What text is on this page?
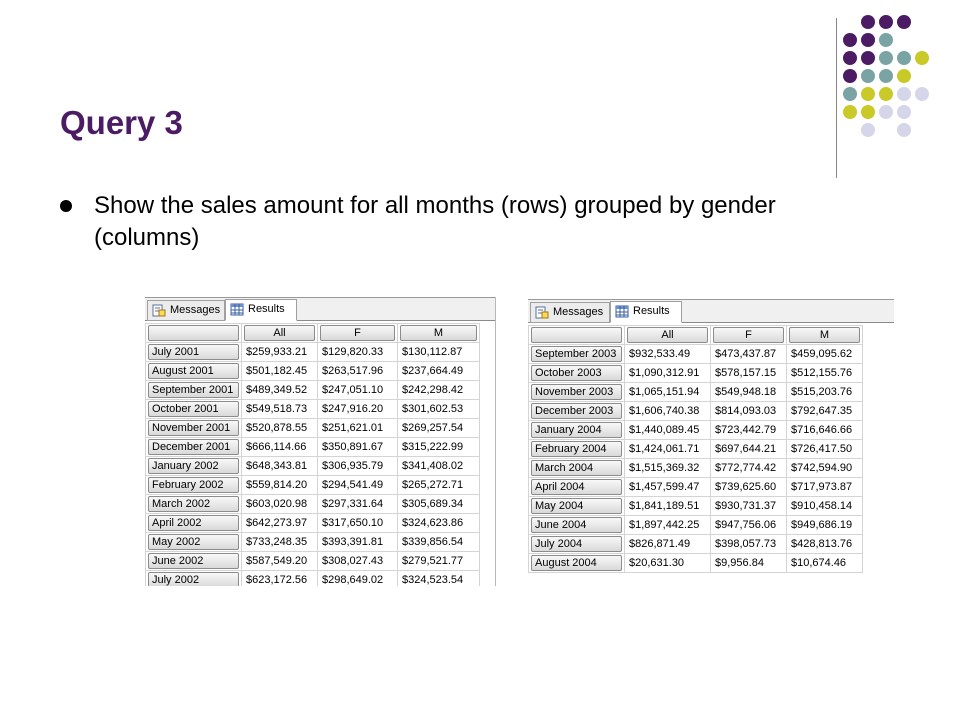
Query 3
Show the sales amount for all months (rows) grouped by gender (columns)
Messages	Results

	All	F	M

July 2001	$259,933.21	$129,820.33	$130,112.87

August 2001	$501,182.45	$263,517.96	$237,664.49

September 2001	$489,349.52	$247,051.10	$242,298.42

October 2001	$549,518.73	$247,916.20	$301,602.53

November 2001	$520,878.55	$251,621.01	$269,257.54

December 2001	$666,114.66	$350,891.67	$315,222.99

January 2002	$648,343.81	$306,935.79	$341,408.02

February 2002	$559,814.20	$294,541.49	$265,272.71

March 2002	$603,020.98	$297,331.64	$305,689.34

April 2002	$642,273.97	$317,650.10	$324,623.86

May 2002	$733,248.35	$393,391.81	$339,856.54

June 2002	$587,549.20	$308,027.43	$279,521.77

July 2002	$623,172.56	$298,649.02	$324,523.54
Messages	Results

	All	F	M

September 2003	$932,533.49	$473,437.87	$459,095.62

October 2003	$1,090,312.91	$578,157.15	$512,155.76

November 2003	$1,065,151.94	$549,948.18	$515,203.76

December 2003	$1,606,740.38	$814,093.03	$792,647.35

January 2004	$1,440,089.45	$723,442.79	$716,646.66

February 2004	$1,424,061.71	$697,644.21	$726,417.50

March 2004	$1,515,369.32	$772,774.42	$742,594.90

April 2004	$1,457,599.47	$739,625.60	$717,973.87

May 2004	$1,841,189.51	$930,731.37	$910,458.14

June 2004	$1,897,442.25	$947,756.06	$949,686.19

July 2004	$826,871.49	$398,057.73	$428,813.76

August 2004	$20,631.30	$9,956.84	$10,674.46
